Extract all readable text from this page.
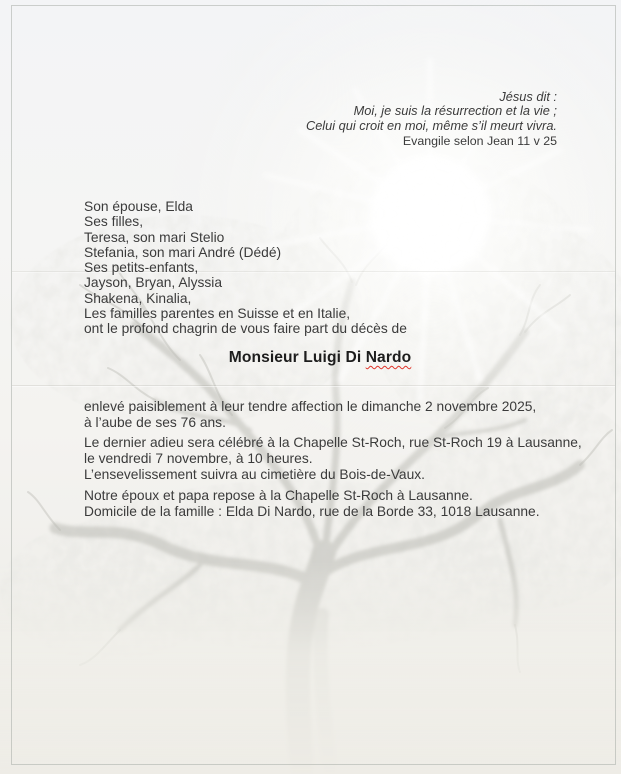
Jésus dit :
Moi, je suis la résurrection et la vie ;
Celui qui croit en moi, même s’il meurt vivra.
Evangile selon Jean 11 v 25
Son épouse, Elda
Ses filles,
Teresa, son mari Stelio
Stefania, son mari André (Dédé)
Ses petits-enfants,
Jayson, Bryan, Alyssia
Shakena, Kinalia,
Les familles parentes en Suisse et en Italie,
ont le profond chagrin de vous faire part du décès de
Monsieur Luigi Di Nardo
enlevé paisiblement à leur tendre affection le dimanche 2 novembre 2025,
à l’aube de ses 76 ans.
Le dernier adieu sera célébré à la Chapelle St-Roch, rue St-Roch 19 à Lausanne,
le vendredi 7 novembre, à 10 heures.
L’ensevelissement suivra au cimetière du Bois-de-Vaux.
Notre époux et papa repose à la Chapelle St-Roch à Lausanne.
Domicile de la famille : Elda Di Nardo, rue de la Borde 33, 1018 Lausanne.
